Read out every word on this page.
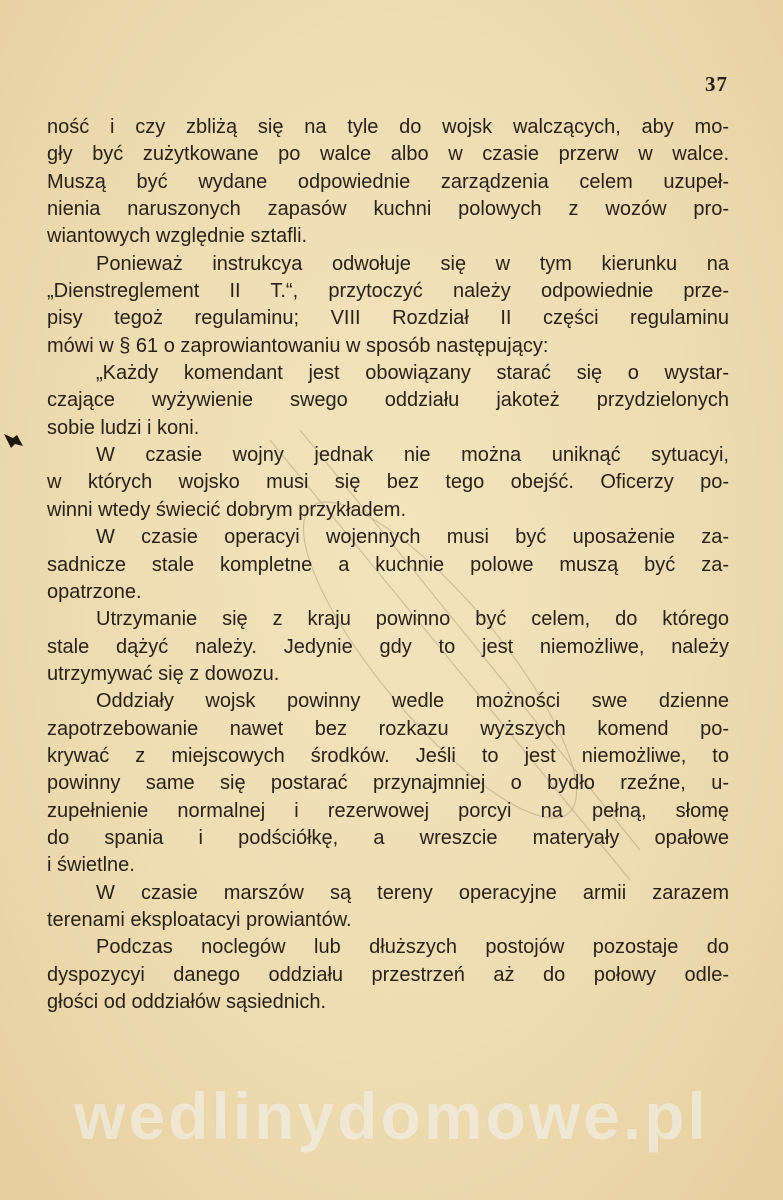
37

ność i czy zbliżą się na tyle do wojsk walczących, aby mo-
gły być zużytkowane po walce albo w czasie przerw w walce.
Muszą być wydane odpowiednie zarządzenia celem uzupeł-
nienia naruszonych zapasów kuchni polowych z wozów pro-
wiantowych względnie sztafli.

Ponieważ instrukcya odwołuje się w tym kierunku na
„Dienstreglement II T.“, przytoczyć należy odpowiednie prze-
pisy tegoż regulaminu; VIII Rozdział II części regulaminu
mówi w § 61 o zaprowiantowaniu w sposób następujący:

„Każdy komendant jest obowiązany starać się o wystar-
czające wyżywienie swego oddziału jakoteż przydzielonych
sobie ludzi i koni.

W czasie wojny jednak nie można uniknąć sytuacyi,
w których wojsko musi się bez tego obejść. Oficerzy po-
winni wtedy świecić dobrym przykładem.

W czasie operacyi wojennych musi być uposażenie za-
sadnicze stale kompletne a kuchnie polowe muszą być za-
opatrzone.

Utrzymanie się z kraju powinno być celem, do którego
stale dążyć należy. Jedynie gdy to jest niemożliwe, należy
utrzymywać się z dowozu.

Oddziały wojsk powinny wedle możności swe dzienne
zapotrzebowanie nawet bez rozkazu wyższych komend po-
krywać z miejscowych środków. Jeśli to jest niemożliwe, to
powinny same się postarać przynajmniej o bydło rzeźne, u-
zupełnienie normalnej i rezerwowej porcyi na pełną, słomę
do spania i podściółkę, a wreszcie materyały opałowe
i świetlne.

W czasie marszów są tereny operacyjne armii zarazem
terenami eksploatacyi prowiantów.

Podczas noclegów lub dłuższych postojów pozostaje do
dyspozycyi danego oddziału przestrzeń aż do połowy odle-
głości od oddziałów sąsiednich.

wedlinydomowe.pl
